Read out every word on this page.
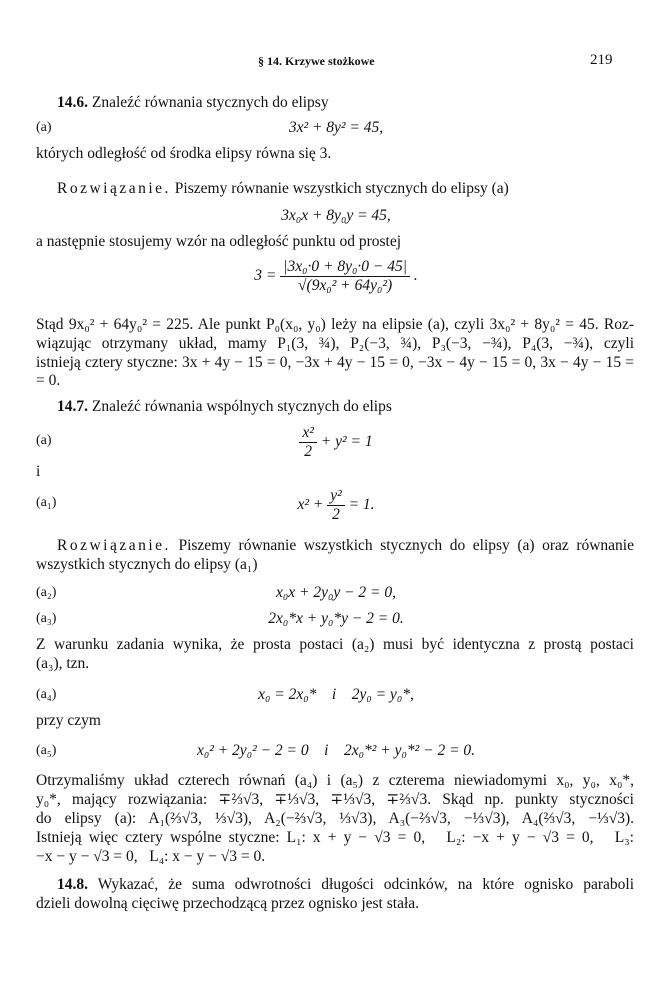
§ 14. Krzywe stożkowe	219
14.6. Znaleźć równania stycznych do elipsy
(a)	3x² + 8y² = 45,
których odległość od środka elipsy równa się 3.
Rozwiązanie. Piszemy równanie wszystkich stycznych do elipsy (a)
3x₀x + 8y₀y = 45,
a następnie stosujemy wzór na odległość punktu od prostej
$3 = \frac{\text{|3x₀·0 + 8y₀·0 − 45|}}{\text{√(9x₀² + 64y₀²)}}$ .
Stąd 9x₀² + 64y₀² = 225. Ale punkt P₀(x₀, y₀) leży na elipsie (a), czyli 3x₀² + 8y₀² = 45. Roz-
wiązując otrzymany układ, mamy P₁(3, ¾), P₂(−3, ¾), P₃(−3, −¾), P₄(3, −¾), czyli
istnieją cztery styczne: 3x + 4y − 15 = 0, −3x + 4y − 15 = 0, −3x − 4y − 15 = 0, 3x − 4y − 15 =
= 0.
14.7. Znaleźć równania wspólnych stycznych do elips
(a)	$\frac{\text{x²}}{2} + y^2 = 1$
i
(a₁)	$x^2 + \frac{\text{y²}}{2} = 1$.
Rozwiązanie. Piszemy równanie wszystkich stycznych do elipsy (a) oraz równanie
wszystkich stycznych do elipsy (a₁)
(a₂)	x₀x + 2y₀y − 2 = 0,
(a₃)	2x₀*x + y₀*y − 2 = 0.
Z warunku zadania wynika, że prosta postaci (a₂) musi być identyczna z prostą postaci
(a₃), tzn.
(a₄)	x₀ = 2x₀*    i    2y₀ = y₀*,
przy czym
(a₅)	x₀² + 2y₀² − 2 = 0    i    2x₀*² + y₀*² − 2 = 0.
Otrzymaliśmy układ czterech równań (a₄) i (a₅) z czterema niewiadomymi x₀, y₀, x₀*,
y₀*, mający rozwiązania: ∓⅔√3, ∓⅓√3, ∓⅓√3, ∓⅔√3. Skąd np. punkty styczności
do elipsy (a): A₁(⅔√3, ⅓√3), A₂(−⅔√3, ⅓√3), A₃(−⅔√3, −⅓√3), A₄(⅔√3, −⅓√3).
Istnieją więc cztery wspólne styczne: L₁: x + y − √3 = 0,   L₂: −x + y − √3 = 0,   L₃:
−x − y − √3 = 0,   L₄: x − y − √3 = 0.
14.8. Wykazać, że suma odwrotności długości odcinków, na które ognisko paraboli
dzieli dowolną cięciwę przechodzącą przez ognisko jest stała.
